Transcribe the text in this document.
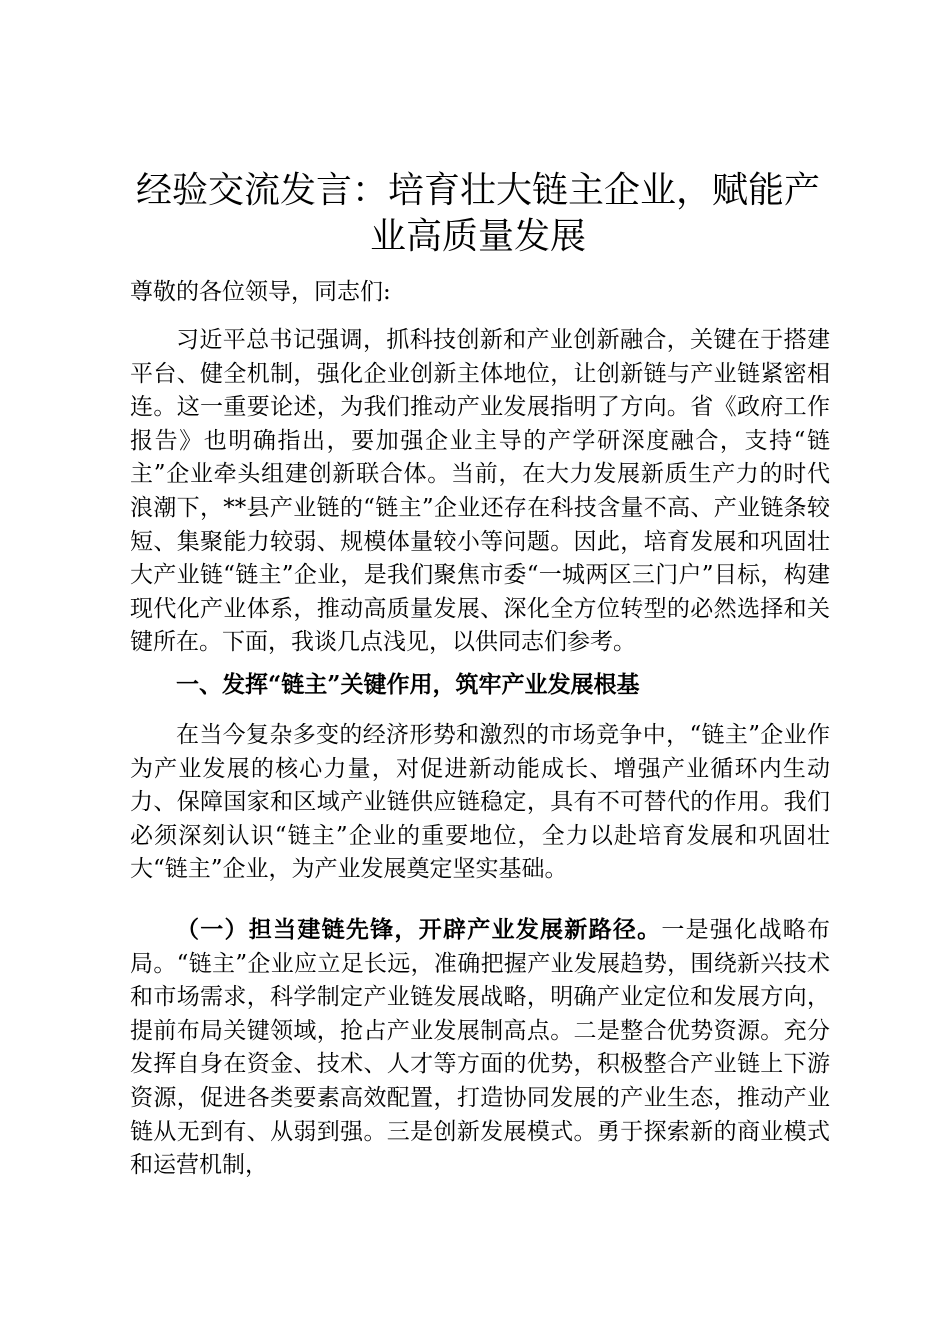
经验交流发言：培育壮大链主企业，赋能产业高质量发展

尊敬的各位领导，同志们:

习近平总书记强调，抓科技创新和产业创新融合，关键在于搭建平台、健全机制，强化企业创新主体地位，让创新链与产业链紧密相连。这一重要论述，为我们推动产业发展指明了方向。省《政府工作报告》也明确指出，要加强企业主导的产学研深度融合，支持“链主”企业牵头组建创新联合体。当前，在大力发展新质生产力的时代浪潮下，**县产业链的“链主”企业还存在科技含量不高、产业链条较短、集聚能力较弱、规模体量较小等问题。因此，培育发展和巩固壮大产业链“链主”企业，是我们聚焦市委“一城两区三门户”目标，构建现代化产业体系，推动高质量发展、深化全方位转型的必然选择和关键所在。下面，我谈几点浅见，以供同志们参考。

一、发挥“链主”关键作用，筑牢产业发展根基

在当今复杂多变的经济形势和激烈的市场竞争中，“链主”企业作为产业发展的核心力量，对促进新动能成长、增强产业循环内生动力、保障国家和区域产业链供应链稳定，具有不可替代的作用。我们必须深刻认识“链主”企业的重要地位，全力以赴培育发展和巩固壮大“链主”企业，为产业发展奠定坚实基础。

（一）担当建链先锋，开辟产业发展新路径。一是强化战略布局。“链主”企业应立足长远，准确把握产业发展趋势，围绕新兴技术和市场需求，科学制定产业链发展战略，明确产业定位和发展方向，提前布局关键领域，抢占产业发展制高点。二是整合优势资源。充分发挥自身在资金、技术、人才等方面的优势，积极整合产业链上下游资源，促进各类要素高效配置，打造协同发展的产业生态，推动产业链从无到有、从弱到强。三是创新发展模式。勇于探索新的商业模式和运营机制，
